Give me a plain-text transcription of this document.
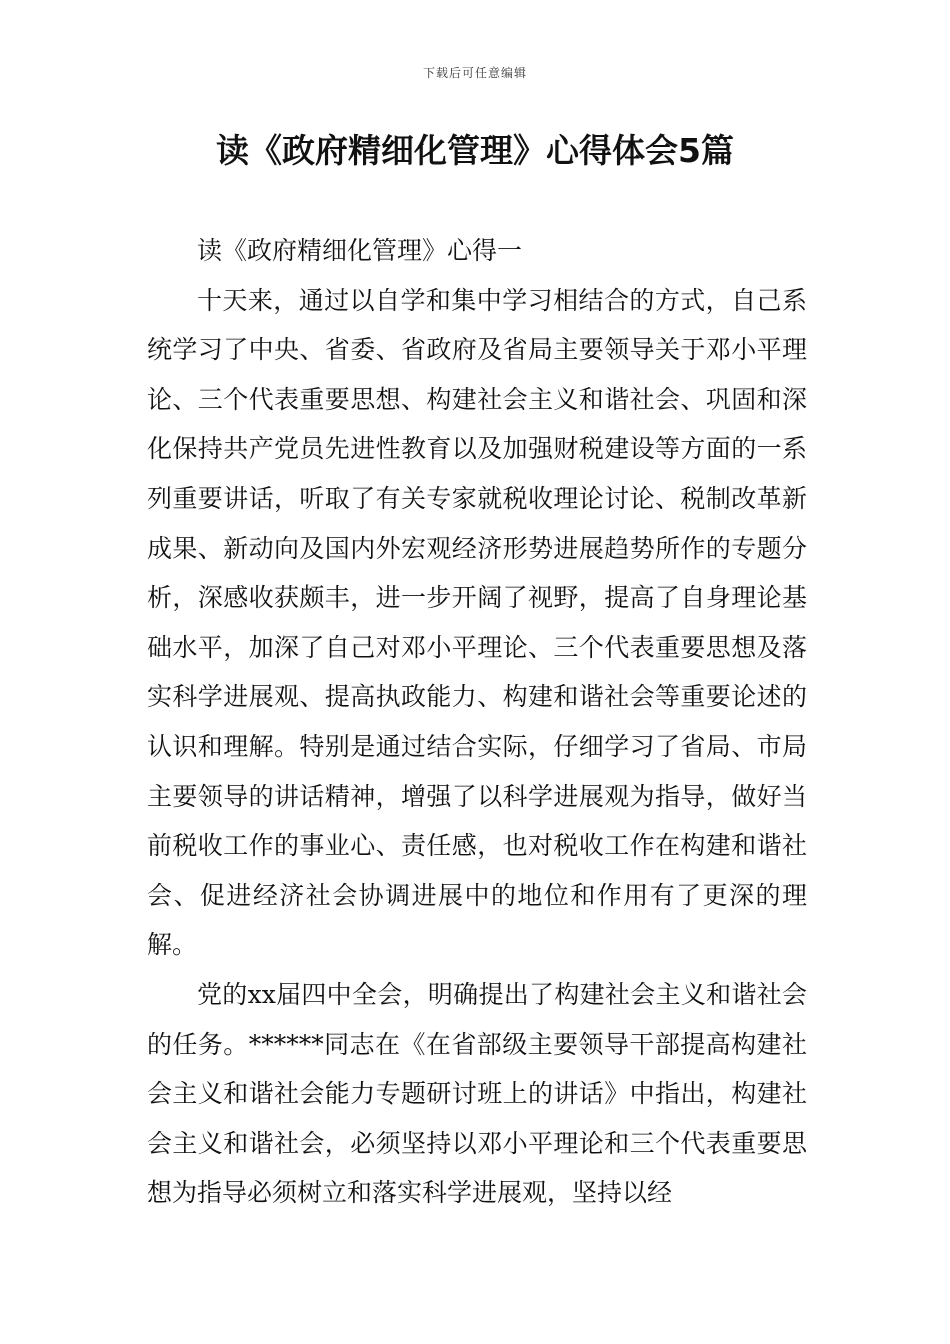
下载后可任意编辑
读《政府精细化管理》心得体会5篇

读《政府精细化管理》心得一

十天来，通过以自学和集中学习相结合的方式，自己系统学习了中央、省委、省政府及省局主要领导关于邓小平理论、三个代表重要思想、构建社会主义和谐社会、巩固和深化保持共产党员先进性教育以及加强财税建设等方面的一系列重要讲话，听取了有关专家就税收理论讨论、税制改革新成果、新动向及国内外宏观经济形势进展趋势所作的专题分析，深感收获颇丰，进一步开阔了视野，提高了自身理论基础水平，加深了自己对邓小平理论、三个代表重要思想及落实科学进展观、提高执政能力、构建和谐社会等重要论述的认识和理解。特别是通过结合实际，仔细学习了省局、市局主要领导的讲话精神，增强了以科学进展观为指导，做好当前税收工作的事业心、责任感，也对税收工作在构建和谐社会、促进经济社会协调进展中的地位和作用有了更深的理解。

党的xx届四中全会，明确提出了构建社会主义和谐社会的任务。******同志在《在省部级主要领导干部提高构建社会主义和谐社会能力专题研讨班上的讲话》中指出，构建社会主义和谐社会，必须坚持以邓小平理论和三个代表重要思想为指导必须树立和落实科学进展观，坚持以经
